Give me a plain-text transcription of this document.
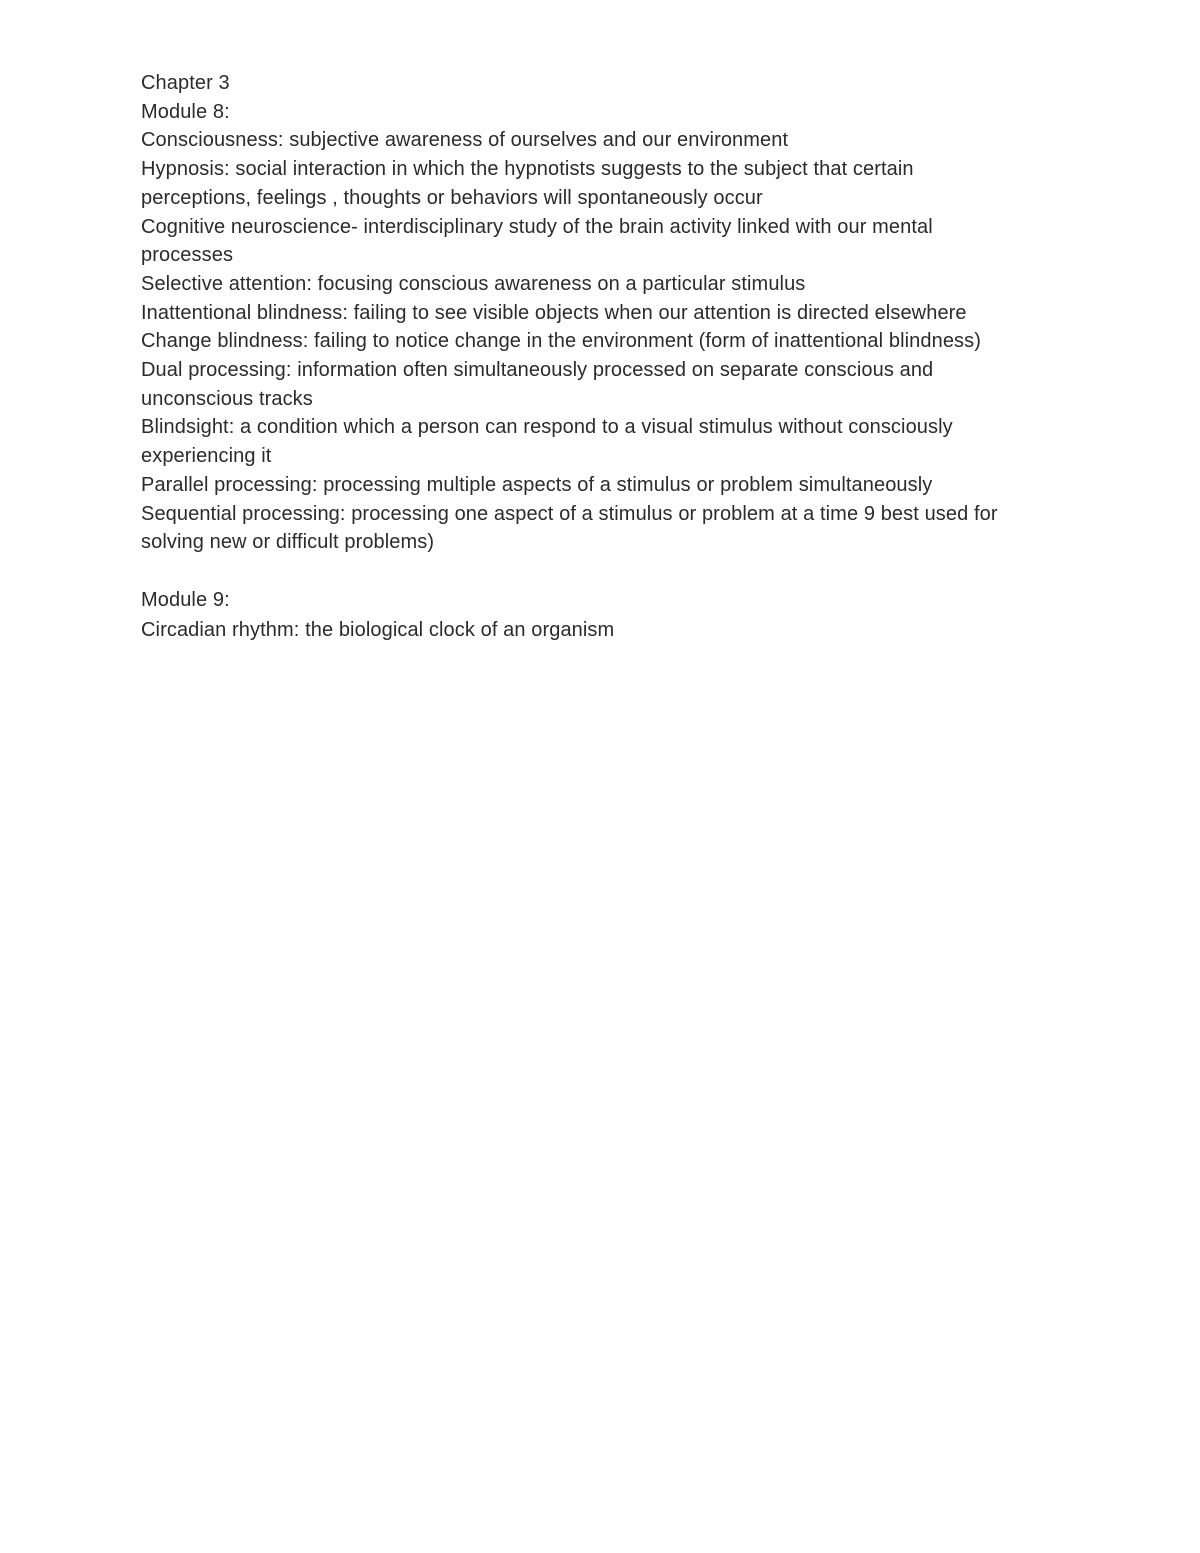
Chapter 3

Module 8:

Consciousness: subjective awareness of ourselves and our environment

Hypnosis: social interaction in which the hypnotists suggests to the subject that certain

perceptions, feelings , thoughts or behaviors will spontaneously occur

Cognitive neuroscience- interdisciplinary study of the brain activity linked with our mental

processes

Selective attention: focusing conscious awareness on a particular stimulus

Inattentional blindness: failing to see visible objects when our attention is directed elsewhere

Change blindness: failing to notice change in the environment (form of inattentional blindness)

Dual processing: information often simultaneously processed on separate conscious and

unconscious tracks

Blindsight: a condition which a person can respond to a visual stimulus without consciously

experiencing it

Parallel processing: processing multiple aspects of a stimulus or problem simultaneously

Sequential processing: processing one aspect of a stimulus or problem at a time 9 best used for

solving new or difficult problems)

Module 9:

Circadian rhythm: the biological clock of an organism
